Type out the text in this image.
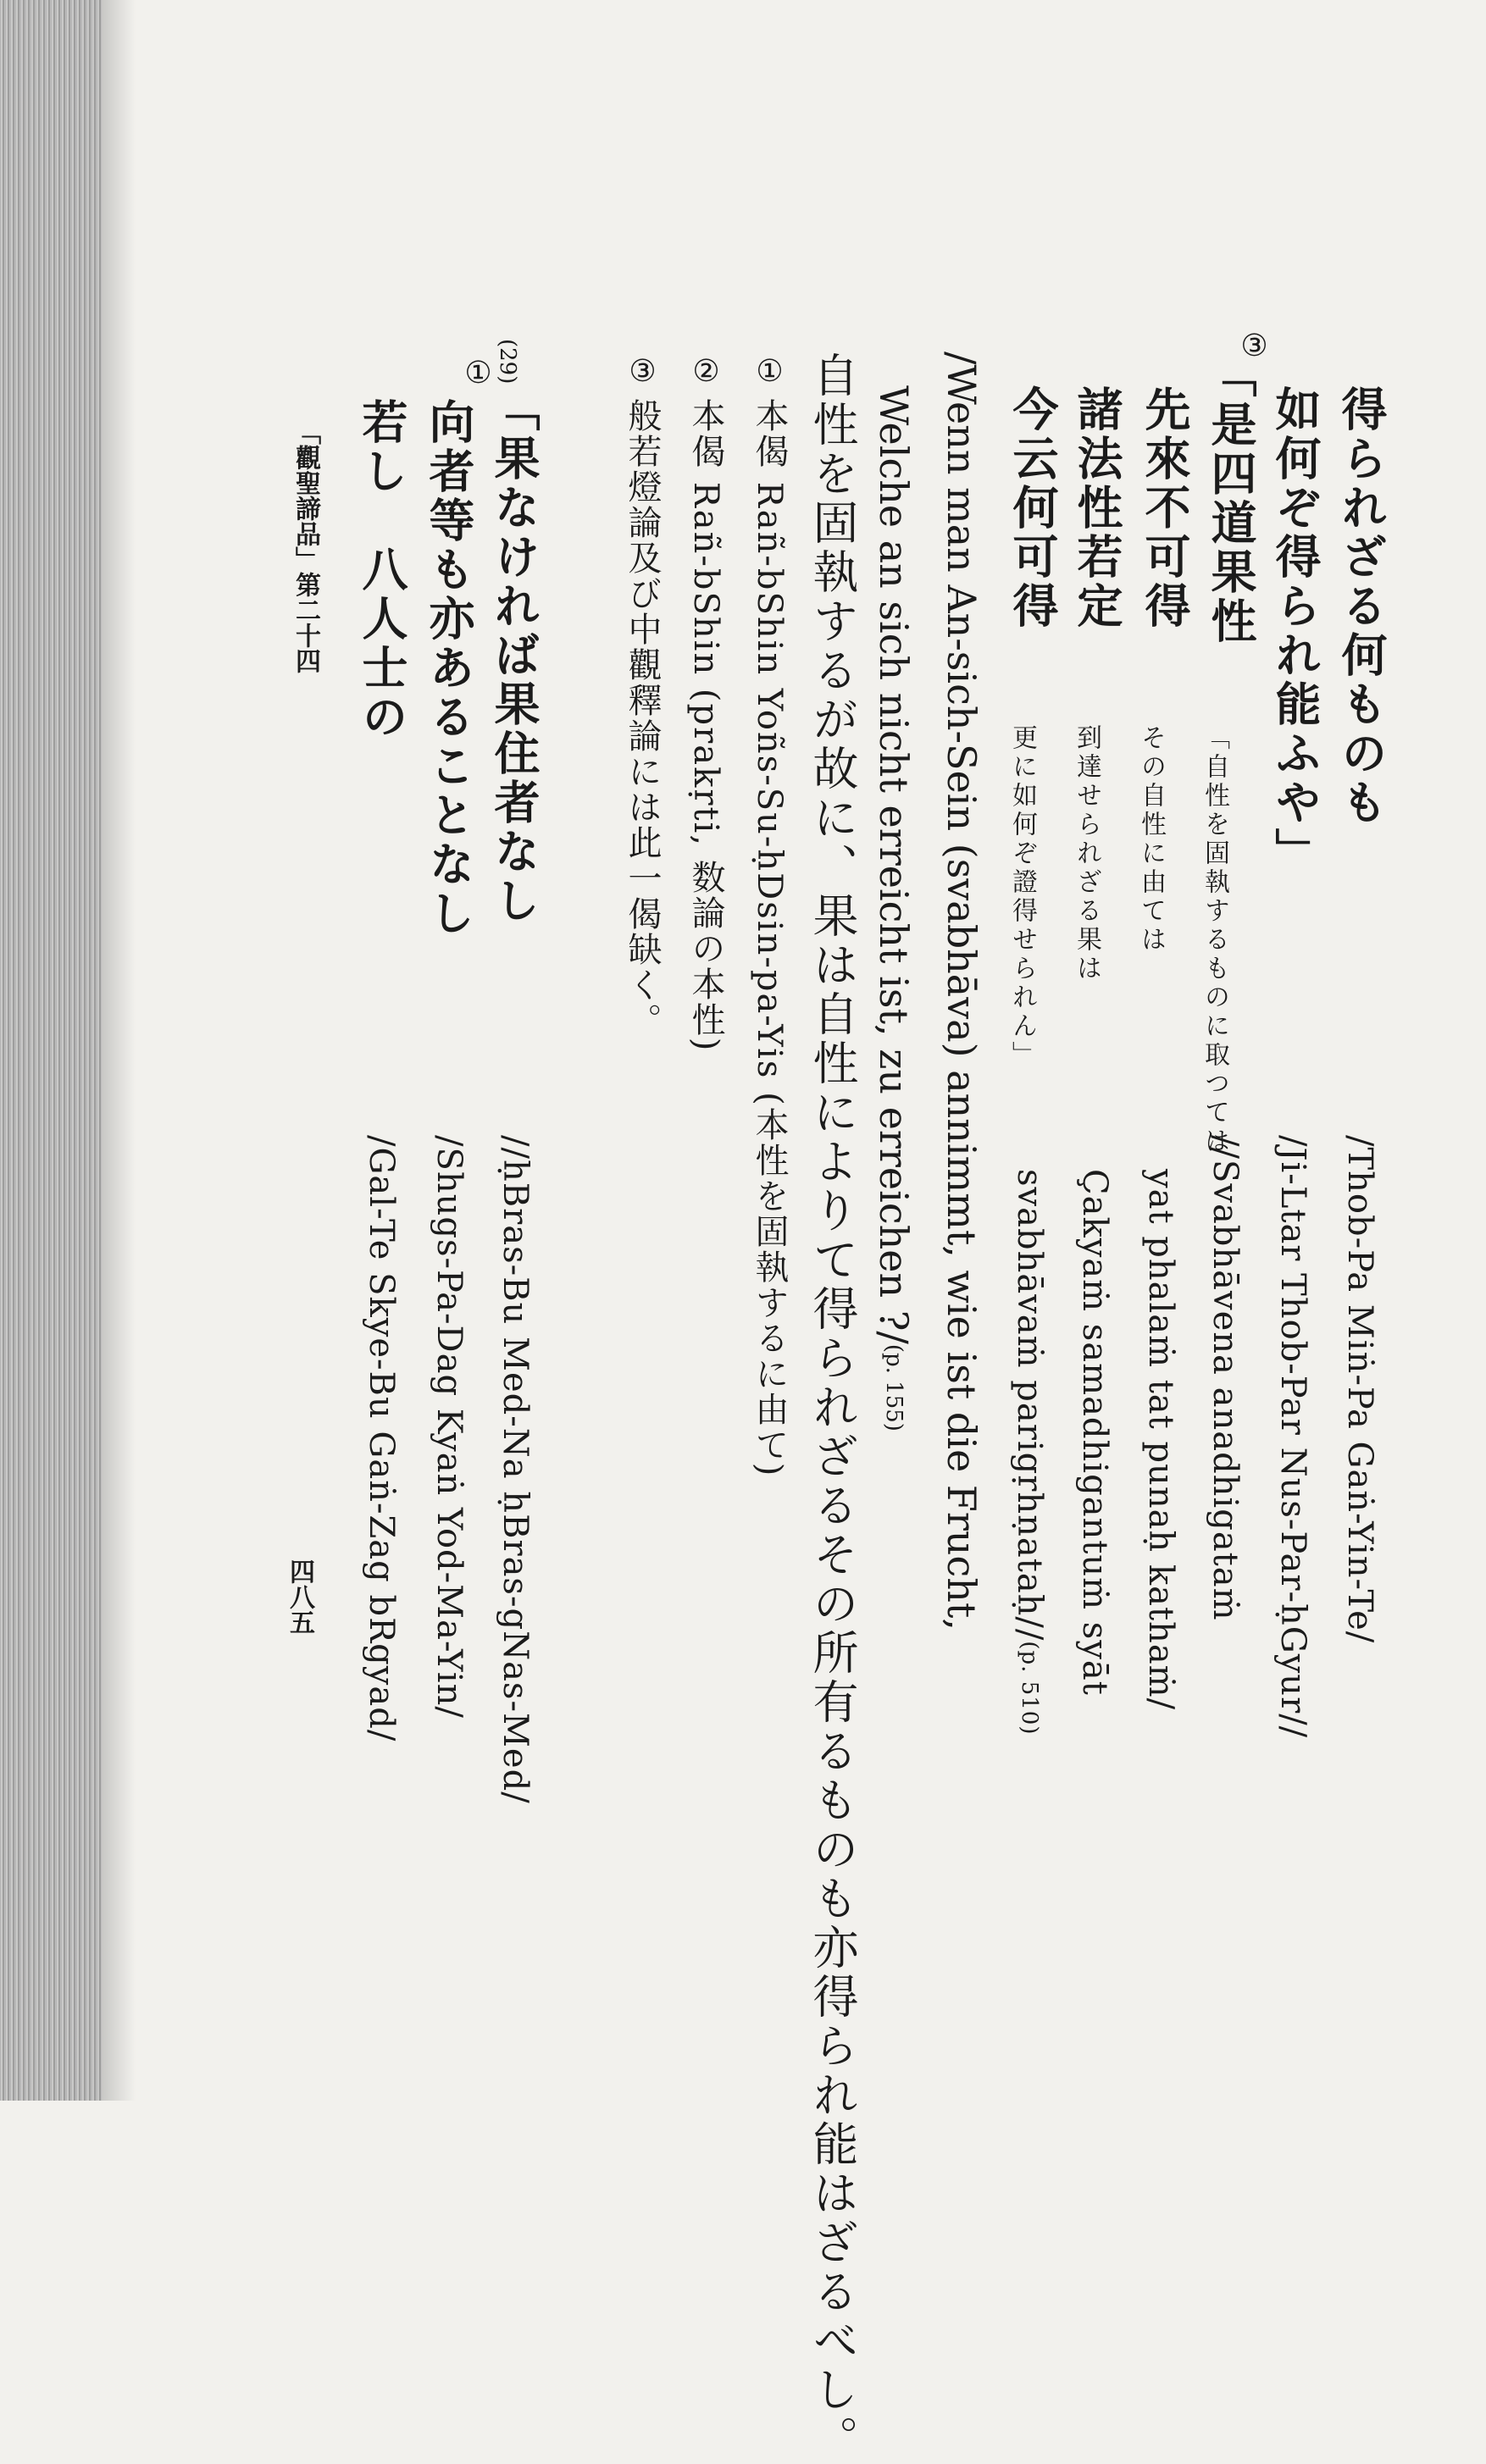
得られざる何ものも
如何ぞ得られ能ふや」
③
「是四道果性
先來不可得
諸法性若定
今云何可得
「自性を固執するものに取つては
その自性に由ては
到達せられざる果は
更に如何ぞ證得せられん」
/Thob-Pa Miṅ-Pa Gaṅ-Yin-Te/
/Ji-Ltar Thob-Par Nus-Par-ḥGyur//
//Svabhāvena anadhigataṁ
yat phalaṁ tat punaḥ kathaṁ/
Çakyaṁ samadhigantuṁ syāt
svabhāvaṁ parigṛhṇataḥ//(p. 510)
/Wenn man An-sich-Sein (svabhāva) annimmt, wie ist die Frucht,
Welche an sich nicht erreicht ist, zu erreichen ?/(p. 155)
自性を固執するが故に、果は自性によりて得られざるその所有るものも亦得られ能はざるべし。
①
本偈 Rañ-bShin Yoñs-Su-ḥDsin-pa-Yis (本性を固執するに由て)
②
本偈 Rañ-bShin (prakṛti, 数論の本性)
③
般若燈論及び中觀釋論には此一偈缺く。
(29)
「果なければ果住者なし
①
向者等も亦あることなし
若し　八人士の
//ḥBras-Bu Med-Na ḥBras-gNas-Med/
/Shugs-Pa-Dag Kyaṅ Yod-Ma-Yin/
/Gal-Te Skye-Bu Gaṅ-Zag bRgyad/
「觀聖諦品」第二十四
四八五
